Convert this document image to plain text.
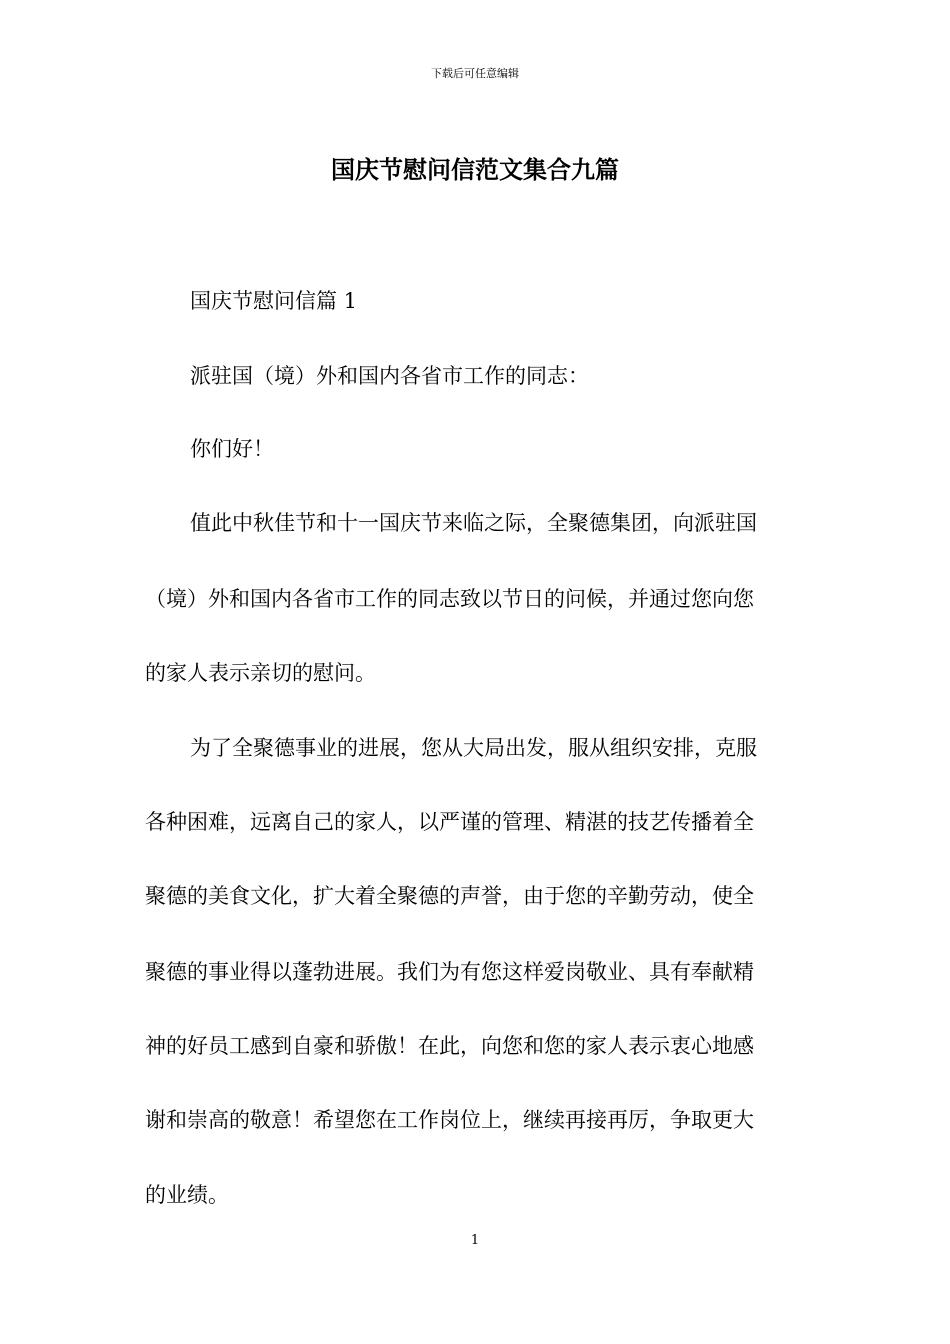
下载后可任意编辑
国庆节慰问信范文集合九篇

国庆节慰问信篇 1

派驻国（境）外和国内各省市工作的同志：

你们好！

值此中秋佳节和十一国庆节来临之际，全聚德集团，向派驻国

（境）外和国内各省市工作的同志致以节日的问候，并通过您向您

的家人表示亲切的慰问。

为了全聚德事业的进展，您从大局出发，服从组织安排，克服

各种困难，远离自己的家人，以严谨的管理、精湛的技艺传播着全

聚德的美食文化，扩大着全聚德的声誉，由于您的辛勤劳动，使全

聚德的事业得以蓬勃进展。我们为有您这样爱岗敬业、具有奉献精

神的好员工感到自豪和骄傲！在此，向您和您的家人表示衷心地感

谢和崇高的敬意！希望您在工作岗位上，继续再接再厉，争取更大

的业绩。

1
